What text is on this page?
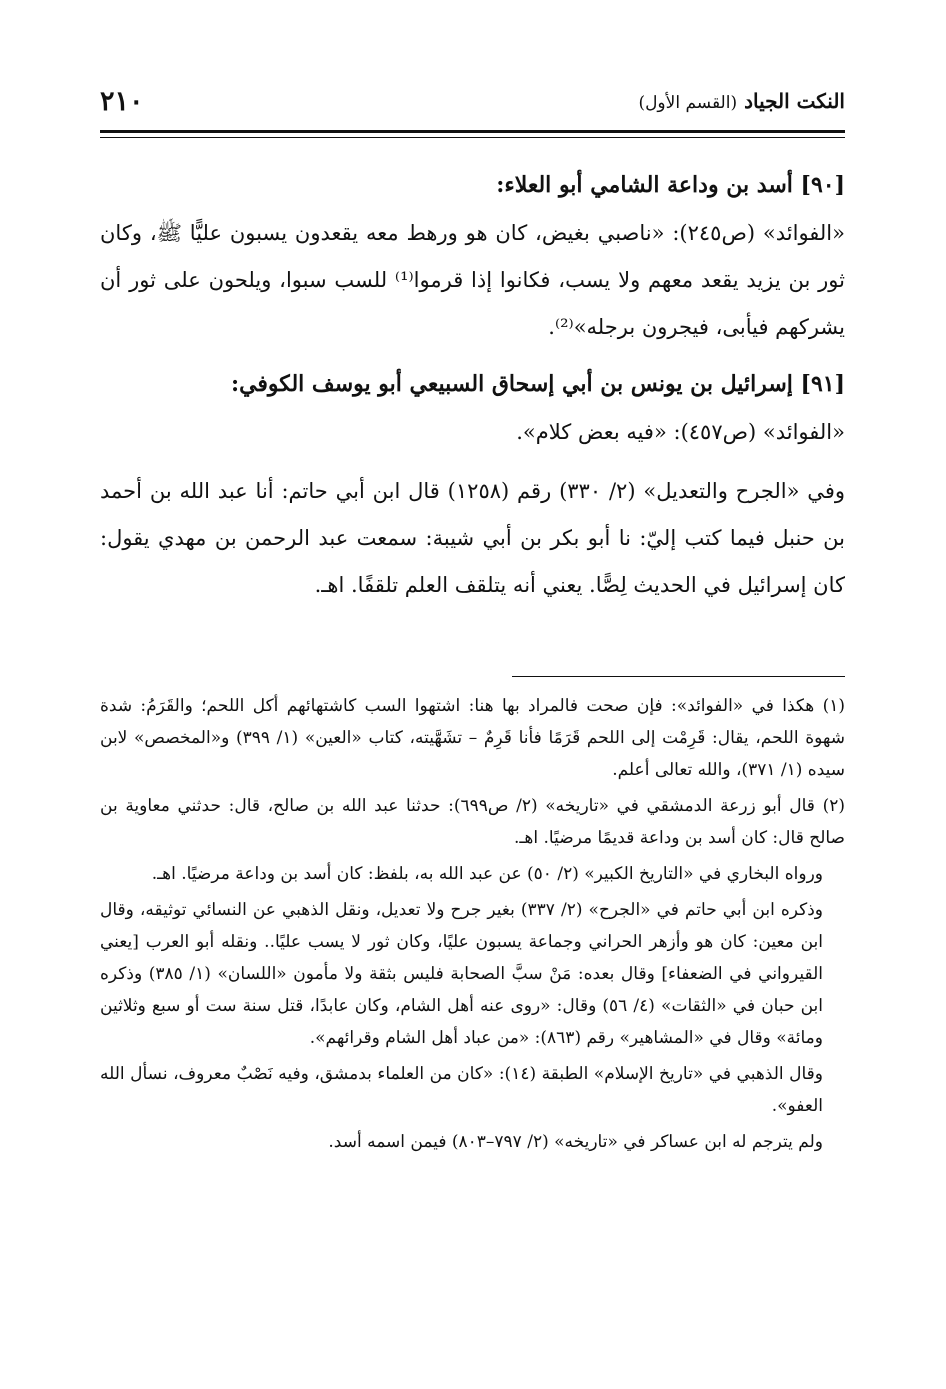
النكت الجياد (القسم الأول)
٢١٠

[٩٠] أسد بن وداعة الشامي أبو العلاء:

«الفوائد» (ص٢٤٥): «ناصبي بغيض، كان هو ورهط معه يقعدون يسبون عليًّا ﷺ، وكان ثور بن يزيد يقعد معهم ولا يسب، فكانوا إذا قرموا⁽¹⁾ للسب سبوا، ويلحون على ثور أن يشركهم فيأبى، فيجرون برجله»⁽²⁾.

[٩١] إسرائيل بن يونس بن أبي إسحاق السبيعي أبو يوسف الكوفي:

«الفوائد» (ص٤٥٧): «فيه بعض كلام».

وفي «الجرح والتعديل» (٢/ ٣٣٠) رقم (١٢٥٨) قال ابن أبي حاتم: أنا عبد الله بن أحمد بن حنبل فيما كتب إليّ: نا أبو بكر بن أبي شيبة: سمعت عبد الرحمن بن مهدي يقول: كان إسرائيل في الحديث لِصًّا. يعني أنه يتلقف العلم تلقفًا. اهـ.

(١) هكذا في «الفوائد»: فإن صحت فالمراد بها هنا: اشتهوا السب كاشتهائهم أكل اللحم؛ والقَرَمُ: شدة شهوة اللحم، يقال: قَرِمْت إلى اللحم قَرَمًا فأنا قَرِمٌ – تشَهَّيته، كتاب «العين» (١/ ٣٩٩) و«المخصص» لابن سيده (١/ ٣٧١)، والله تعالى أعلم.

(٢) قال أبو زرعة الدمشقي في «تاريخه» (٢/ ص٦٩٩): حدثنا عبد الله بن صالح، قال: حدثني معاوية بن صالح قال: كان أسد بن وداعة قديمًا مرضيًا. اهـ.

ورواه البخاري في «التاريخ الكبير» (٢/ ٥٠) عن عبد الله به، بلفظ: كان أسد بن وداعة مرضيًا. اهـ.

وذكره ابن أبي حاتم في «الجرح» (٢/ ٣٣٧) بغير جرح ولا تعديل، ونقل الذهبي عن النسائي توثيقه، وقال ابن معين: كان هو وأزهر الحراني وجماعة يسبون عليًا، وكان ثور لا يسب عليًا.. ونقله أبو العرب [يعني القيرواني في الضعفاء] وقال بعده: مَنْ سبَّ الصحابة فليس بثقة ولا مأمون «اللسان» (١/ ٣٨٥) وذكره ابن حبان في «الثقات» (٤/ ٥٦) وقال: «روى عنه أهل الشام، وكان عابدًا، قتل سنة ست أو سبع وثلاثين ومائة» وقال في «المشاهير» رقم (٨٦٣): «من عباد أهل الشام وقرائهم».

وقال الذهبي في «تاريخ الإسلام» الطبقة (١٤): «كان من العلماء بدمشق، وفيه نَصْبٌ معروف، نسأل الله العفو».

ولم يترجم له ابن عساكر في «تاريخه» (٢/ ٧٩٧–٨٠٣) فيمن اسمه أسد.
